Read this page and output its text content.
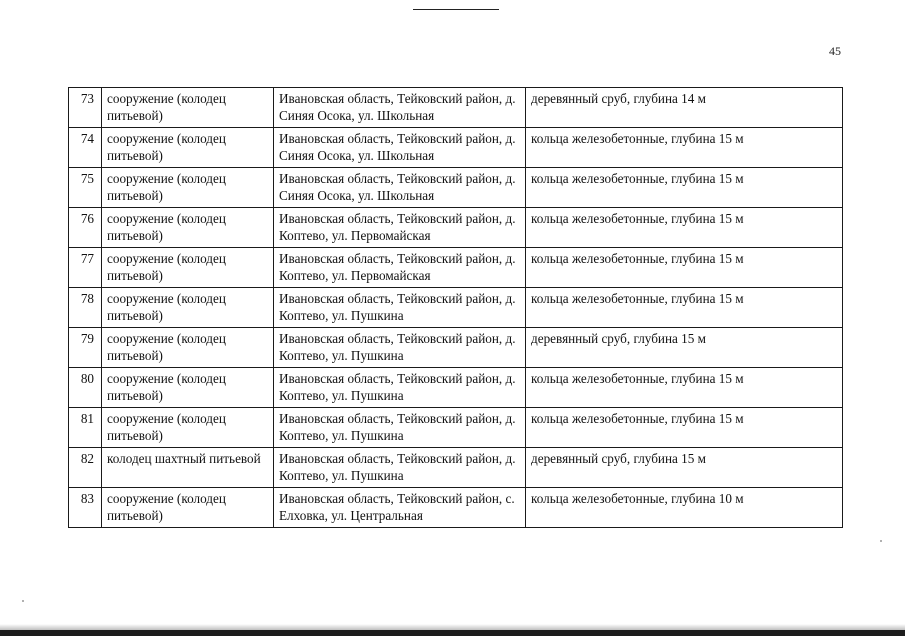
45
73	сооружение (колодец питьевой)	Ивановская область, Тейковский район, д. Синяя Осока, ул. Школьная	деревянный сруб, глубина 14 м
74	сооружение (колодец питьевой)	Ивановская область, Тейковский район, д. Синяя Осока, ул. Школьная	кольца железобетонные, глубина 15 м
75	сооружение (колодец питьевой)	Ивановская область, Тейковский район, д. Синяя Осока, ул. Школьная	кольца железобетонные, глубина 15 м
76	сооружение (колодец питьевой)	Ивановская область, Тейковский район, д. Коптево, ул. Первомайская	кольца железобетонные, глубина 15 м
77	сооружение (колодец питьевой)	Ивановская область, Тейковский район, д. Коптево, ул. Первомайская	кольца железобетонные, глубина 15 м
78	сооружение (колодец питьевой)	Ивановская область, Тейковский район, д. Коптево, ул. Пушкина	кольца железобетонные, глубина 15 м
79	сооружение (колодец питьевой)	Ивановская область, Тейковский район, д. Коптево, ул. Пушкина	деревянный сруб, глубина 15 м
80	сооружение (колодец питьевой)	Ивановская область, Тейковский район, д. Коптево, ул. Пушкина	кольца железобетонные, глубина 15 м
81	сооружение (колодец питьевой)	Ивановская область, Тейковский район, д. Коптево, ул. Пушкина	кольца железобетонные, глубина 15 м
82	колодец шахтный питьевой	Ивановская область, Тейковский район, д. Коптево, ул. Пушкина	деревянный сруб, глубина 15 м
83	сооружение (колодец питьевой)	Ивановская область, Тейковский район, с. Елховка, ул. Центральная	кольца железобетонные, глубина 10 м
